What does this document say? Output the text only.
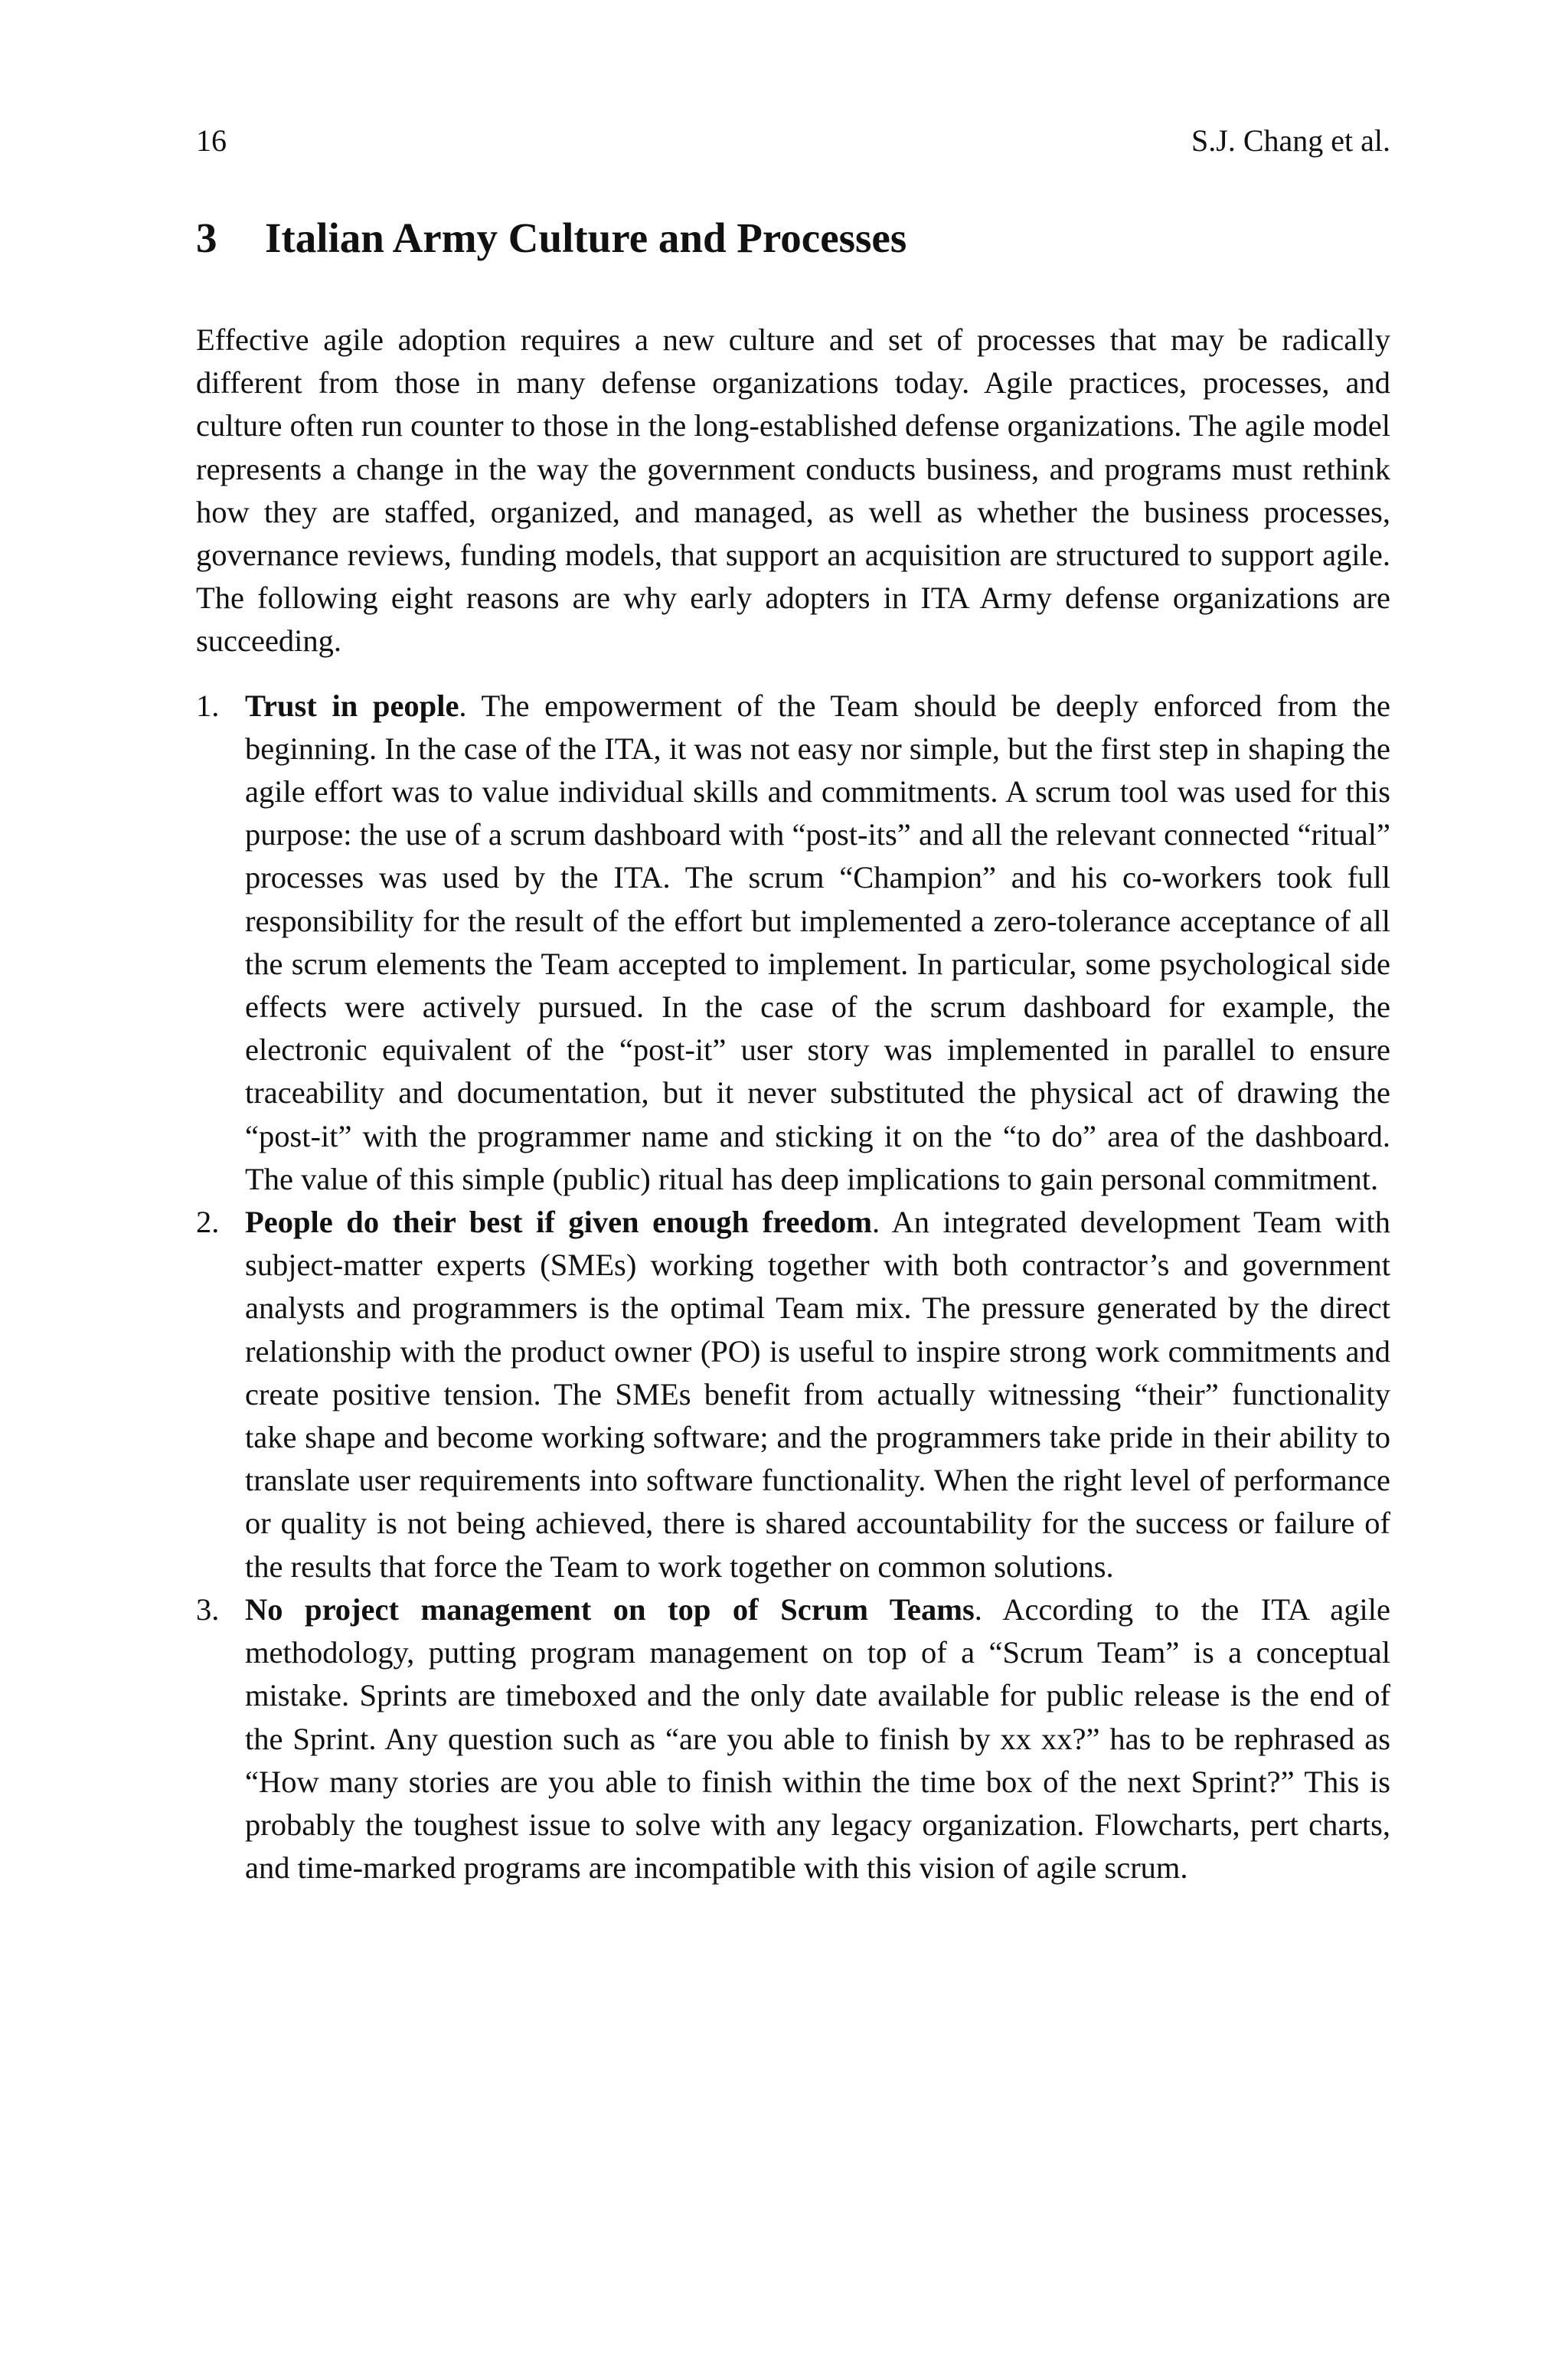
16	S.J. Chang et al.
3	Italian Army Culture and Processes

Effective agile adoption requires a new culture and set of processes that may be radically different from those in many defense organizations today. Agile practices, processes, and culture often run counter to those in the long-established defense organizations. The agile model represents a change in the way the government conducts business, and programs must rethink how they are staffed, organized, and managed, as well as whether the business processes, governance reviews, funding models, that support an acquisition are structured to support agile. The following eight reasons are why early adopters in ITA Army defense organizations are succeeding.

1. Trust in people. The empowerment of the Team should be deeply enforced from the beginning. In the case of the ITA, it was not easy nor simple, but the first step in shaping the agile effort was to value individual skills and commitments. A scrum tool was used for this purpose: the use of a scrum dashboard with “post-its” and all the relevant connected “ritual” processes was used by the ITA. The scrum “Champion” and his co-workers took full responsibility for the result of the effort but implemented a zero-tolerance acceptance of all the scrum elements the Team accepted to implement. In particular, some psychological side effects were actively pursued. In the case of the scrum dashboard for example, the electronic equivalent of the “post-it” user story was implemented in parallel to ensure traceability and documentation, but it never substituted the physical act of drawing the “post-it” with the programmer name and sticking it on the “to do” area of the dashboard. The value of this simple (public) ritual has deep implications to gain personal commitment.
2. People do their best if given enough freedom. An integrated development Team with subject-matter experts (SMEs) working together with both contractor’s and government analysts and programmers is the optimal Team mix. The pressure generated by the direct relationship with the product owner (PO) is useful to inspire strong work commitments and create positive tension. The SMEs benefit from actually witnessing “their” functionality take shape and become working software; and the programmers take pride in their ability to translate user requirements into software functionality. When the right level of performance or quality is not being achieved, there is shared accountability for the success or failure of the results that force the Team to work together on common solutions.
3. No project management on top of Scrum Teams. According to the ITA agile methodology, putting program management on top of a “Scrum Team” is a conceptual mistake. Sprints are timeboxed and the only date available for public release is the end of the Sprint. Any question such as “are you able to finish by xx xx?” has to be rephrased as “How many stories are you able to finish within the time box of the next Sprint?” This is probably the toughest issue to solve with any legacy organization. Flowcharts, pert charts, and time-marked programs are incompatible with this vision of agile scrum.
